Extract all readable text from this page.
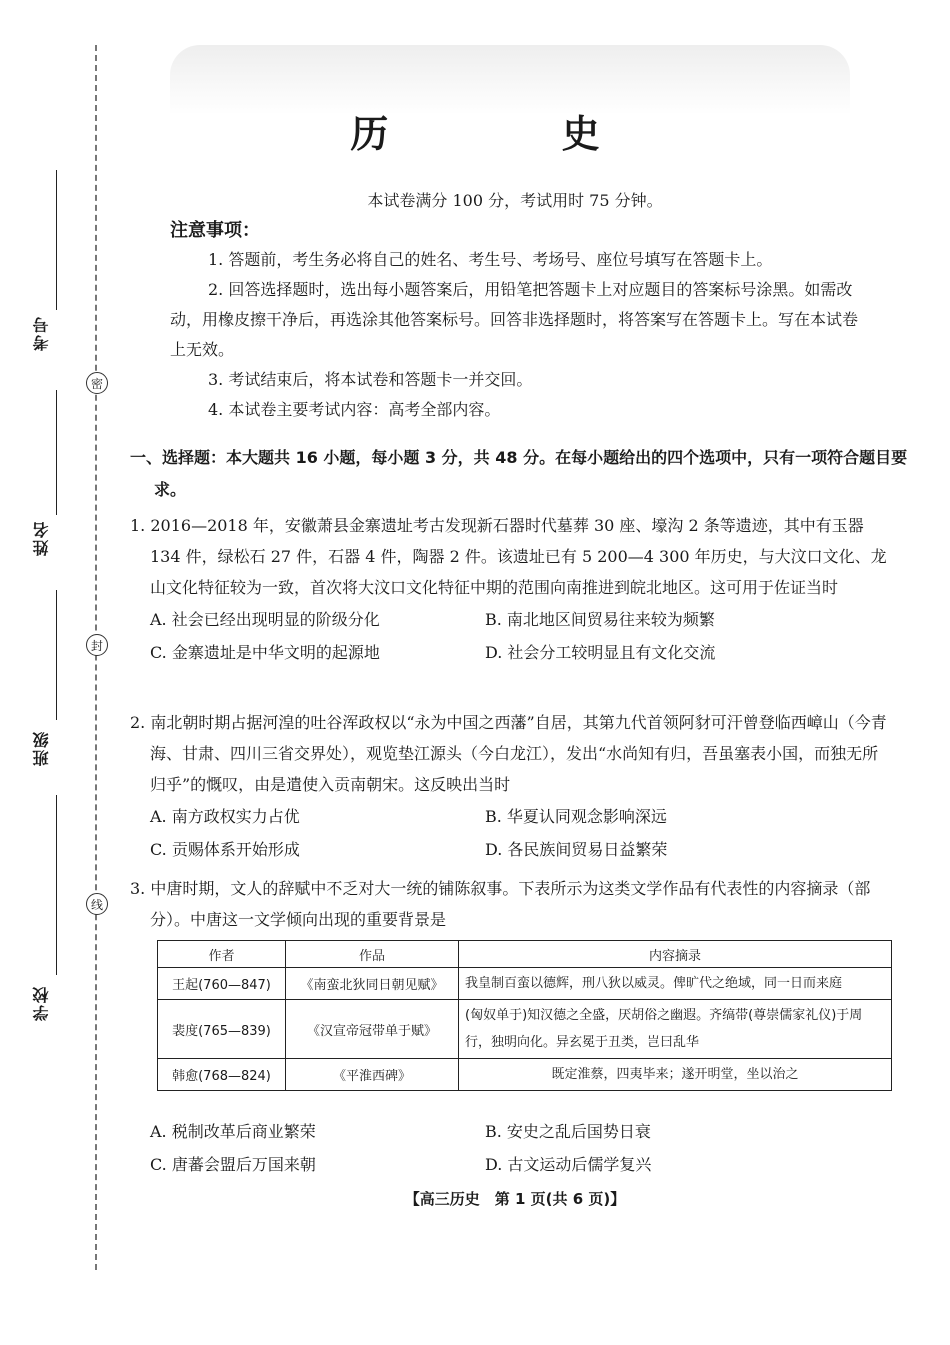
考号
姓名
班级
学校
密
封
线
历 史
本试卷满分 100 分，考试用时 75 分钟。
注意事项：

1. 答题前，考生务必将自己的姓名、考生号、考场号、座位号填写在答题卡上。

2. 回答选择题时，选出每小题答案后，用铅笔把答题卡上对应题目的答案标号涂黑。如需改动，用橡皮擦干净后，再选涂其他答案标号。回答非选择题时，将答案写在答题卡上。写在本试卷上无效。

3. 考试结束后，将本试卷和答题卡一并交回。

4. 本试卷主要考试内容：高考全部内容。

一、选择题：本大题共 16 小题，每小题 3 分，共 48 分。在每小题给出的四个选项中，只有一项符合题目要求。

1. 2016—2018 年，安徽萧县金寨遗址考古发现新石器时代墓葬 30 座、壕沟 2 条等遗迹，其中有玉器 134 件，绿松石 27 件，石器 4 件，陶器 2 件。该遗址已有 5 200—4 300 年历史，与大汶口文化、龙山文化特征较为一致，首次将大汶口文化特征中期的范围向南推进到皖北地区。这可用于佐证当时

A. 社会已经出现明显的阶级分化	B. 南北地区间贸易往来较为频繁
C. 金寨遗址是中华文明的起源地	D. 社会分工较明显且有文化交流

2. 南北朝时期占据河湟的吐谷浑政权以“永为中国之西藩”自居，其第九代首领阿豺可汗曾登临西嶂山（今青海、甘肃、四川三省交界处），观览垫江源头（今白龙江），发出“水尚知有归，吾虽塞表小国，而独无所归乎”的慨叹，由是遣使入贡南朝宋。这反映出当时

A. 南方政权实力占优	B. 华夏认同观念影响深远
C. 贡赐体系开始形成	D. 各民族间贸易日益繁荣

3. 中唐时期，文人的辞赋中不乏对大一统的铺陈叙事。下表所示为这类文学作品有代表性的内容摘录（部分）。中唐这一文学倾向出现的重要背景是

作者	作品	内容摘录
王起(760—847)	《南蛮北狄同日朝见赋》	我皇制百蛮以德辉，刑八狄以威灵。俾旷代之绝域，同一日而来庭
裴度(765—839)	《汉宣帝冠带单于赋》	(匈奴单于)知汉德之全盛，厌胡俗之幽遐。齐缟带(尊崇儒家礼仪)于周行，独明向化。异玄冕于丑类，岂曰乱华
韩愈(768—824)	《平淮西碑》	既定淮蔡，四夷毕来；遂开明堂，坐以治之
A. 税制改革后商业繁荣	B. 安史之乱后国势日衰
C. 唐蕃会盟后万国来朝	D. 古文运动后儒学复兴
【高三历史　第 1 页(共 6 页)】
